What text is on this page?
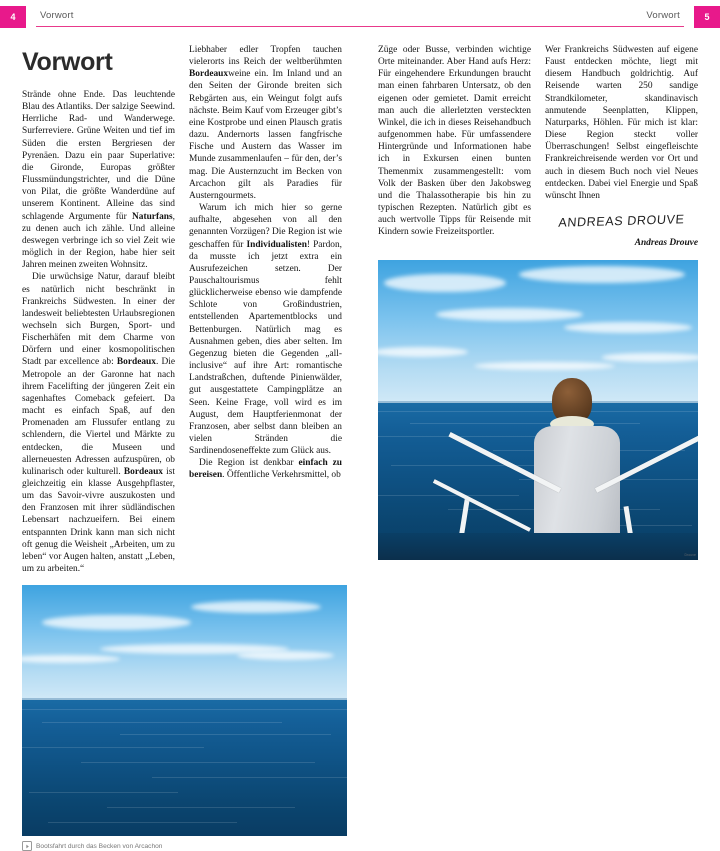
4	Vorwort
Vorwort

Strände ohne Ende. Das leuchtende Blau des Atlantiks. Der salzige Seewind. Herrliche Rad- und Wanderwege. Surferreviere. Grüne Weiten und tief im Süden die ersten Bergriesen der Pyrenäen. Dazu ein paar Superlative: die Gironde, Europas größter Flussmündungstrichter, und die Düne von Pilat, die größte Wanderdüne auf unserem Kontinent. Alleine das sind schlagende Argumente für Naturfans, zu denen auch ich zähle. Und alleine deswegen verbringe ich so viel Zeit wie möglich in der Region, habe hier seit Jahren meinen zweiten Wohnsitz.

Die urwüchsige Natur, darauf bleibt es natürlich nicht beschränkt in Frankreichs Südwesten. In einer der landesweit beliebtesten Urlaubsregionen wechseln sich Burgen, Sport- und Fischerhäfen mit dem Charme von Dörfern und einer kosmopolitischen Stadt par excellence ab: Bordeaux. Die Metropole an der Garonne hat nach ihrem Facelifting der jüngeren Zeit ein sagenhaftes Comeback gefeiert. Da macht es einfach Spaß, auf den Promenaden am Flussufer entlang zu schlendern, die Viertel und Märkte zu entdecken, die Museen und allerneuesten Adressen aufzuspüren, ob kulinarisch oder kulturell. Bordeaux ist gleichzeitig ein klasse Ausgehpflaster, um das Savoir-vivre auszukosten und den Franzosen mit ihrer südländischen Lebensart nachzueifern. Bei einem entspannten Drink kann man sich nicht oft genug die Weisheit „Arbeiten, um zu leben“ vor Augen halten, anstatt „Leben, um zu arbeiten.“

Liebhaber edler Tropfen tauchen vielerorts ins Reich der weltberühmten Bordeauxweine ein. Im Inland und an den Seiten der Gironde breiten sich Rebgärten aus, ein Weingut folgt aufs nächste. Beim Kauf vom Erzeuger gibt’s eine Kostprobe und einen Plausch gratis dazu. Andernorts lassen fangfrische Fische und Austern das Wasser im Munde zusammenlaufen – für den, der’s mag. Die Austernzucht im Becken von Arcachon gilt als Paradies für Austerngourmets.

Warum ich mich hier so gerne aufhalte, abgesehen von all den genannten Vorzügen? Die Region ist wie geschaffen für Individualisten! Pardon, da musste ich jetzt extra ein Ausrufezeichen setzen. Der Pauschaltourismus fehlt glücklicherweise ebenso wie dampfende Schlote von Großindustrien, entstellenden Apartementblocks und Bettenburgen. Natürlich mag es Ausnahmen geben, dies aber selten. Im Gegenzug bieten die Gegenden „all-inclusive“ auf ihre Art: romantische Landstraßchen, duftende Pinienwälder, gut ausgestattete Campingplätze an Seen. Keine Frage, voll wird es im August, dem Hauptferienmonat der Franzosen, aber selbst dann bleiben an vielen Stränden die Sardinendoseneffekte zum Glück aus.

Die Region ist denkbar einfach zu bereisen. Öffentliche Verkehrsmittel, ob

Bootsfahrt durch das Becken von Arcachon
Vorwort	5

Züge oder Busse, verbinden wichtige Orte miteinander. Aber Hand aufs Herz: Für eingehendere Erkundungen braucht man einen fahrbaren Untersatz, ob den eigenen oder gemietet. Damit erreicht man auch die allerletzten versteckten Winkel, die ich in dieses Reisehandbuch aufgenommen habe. Für umfassendere Hintergründe und Informationen habe ich in Exkursen einen bunten Themenmix zusammengestellt: vom Volk der Basken über den Jakobsweg und die Thalassotherapie bis hin zu typischen Rezepten. Natürlich gibt es auch wertvolle Tipps für Reisende mit Kindern sowie Freizeitsportler.

Wer Frankreichs Südwesten auf eigene Faust entdecken möchte, liegt mit diesem Handbuch goldrichtig. Auf Reisende warten 250 sandige Strandkilometer, skandinavisch anmutende Seenplatten, Klippen, Naturparks, Höhlen. Für mich ist klar: Diese Region steckt voller Überraschungen! Selbst eingefleischte Frankreichreisende werden vor Ort und auch in diesem Buch noch viel Neues entdecken. Dabei viel Energie und Spaß wünscht Ihnen

ANDREAS DROUVE
Andreas Drouve
Drouve
